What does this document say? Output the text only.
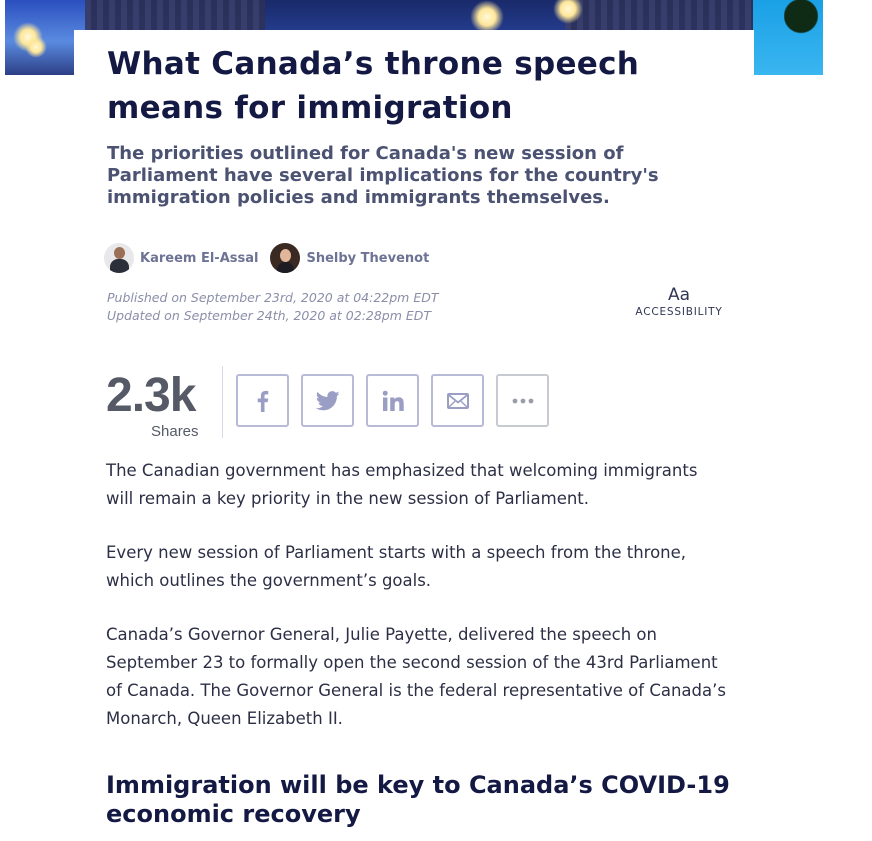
What Canada’s throne speech means for immigration
The priorities outlined for Canada's new session of Parliament have several implications for the country's immigration policies and immigrants themselves.
Kareem El-Assal	Shelby Thevenot
Published on September 23rd, 2020 at 04:22pm EDT
Updated on September 24th, 2020 at 02:28pm EDT
Aa
ACCESSIBILITY
2.3k
Shares

The Canadian government has emphasized that welcoming immigrants will remain a key priority in the new session of Parliament.

Every new session of Parliament starts with a speech from the throne, which outlines the government’s goals.

Canada’s Governor General, Julie Payette, delivered the speech on September 23 to formally open the second session of the 43rd Parliament of Canada. The Governor General is the federal representative of Canada’s Monarch, Queen Elizabeth II.

Immigration will be key to Canada’s COVID-19 economic recovery
